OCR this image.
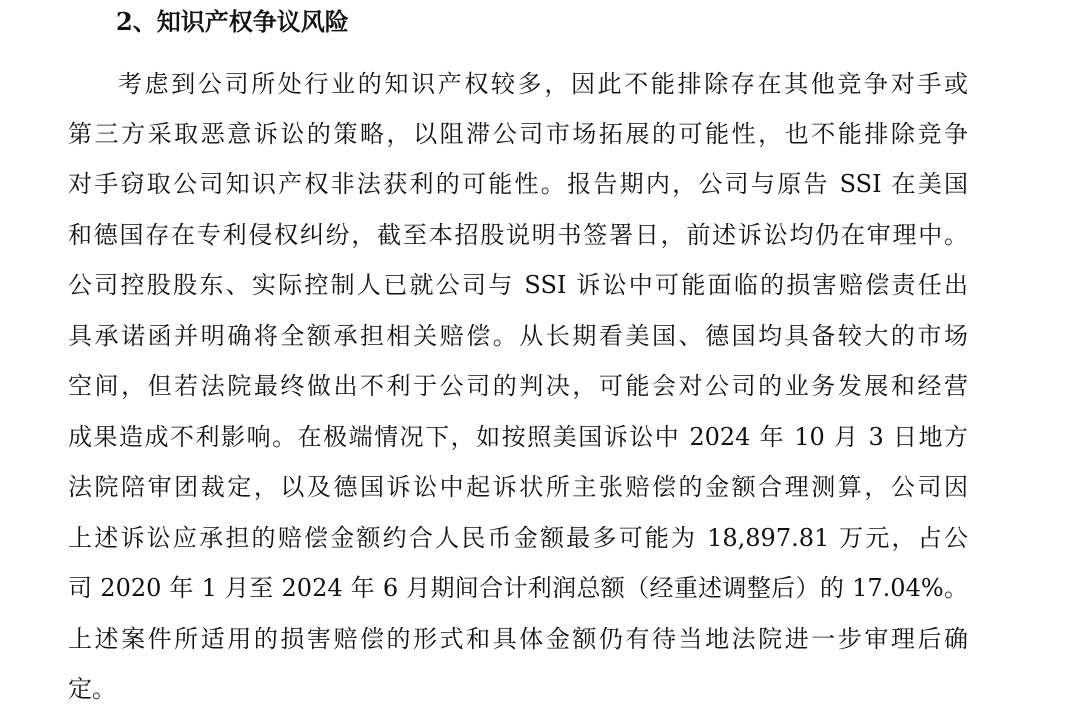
2、知识产权争议风险
考虑到公司所处行业的知识产权较多，因此不能排除存在其他竞争对手或
第三方采取恶意诉讼的策略，以阻滞公司市场拓展的可能性，也不能排除竞争
对手窃取公司知识产权非法获利的可能性。报告期内，公司与原告 SSI 在美国
和德国存在专利侵权纠纷，截至本招股说明书签署日，前述诉讼均仍在审理中。
公司控股股东、实际控制人已就公司与 SSI 诉讼中可能面临的损害赔偿责任出
具承诺函并明确将全额承担相关赔偿。从长期看美国、德国均具备较大的市场
空间，但若法院最终做出不利于公司的判决，可能会对公司的业务发展和经营
成果造成不利影响。在极端情况下，如按照美国诉讼中 2024 年 10 月 3 日地方
法院陪审团裁定，以及德国诉讼中起诉状所主张赔偿的金额合理测算，公司因
上述诉讼应承担的赔偿金额约合人民币金额最多可能为 18,897.81 万元，占公
司 2020 年 1 月至 2024 年 6 月期间合计利润总额（经重述调整后）的 17.04%。
上述案件所适用的损害赔偿的形式和具体金额仍有待当地法院进一步审理后确
定。
